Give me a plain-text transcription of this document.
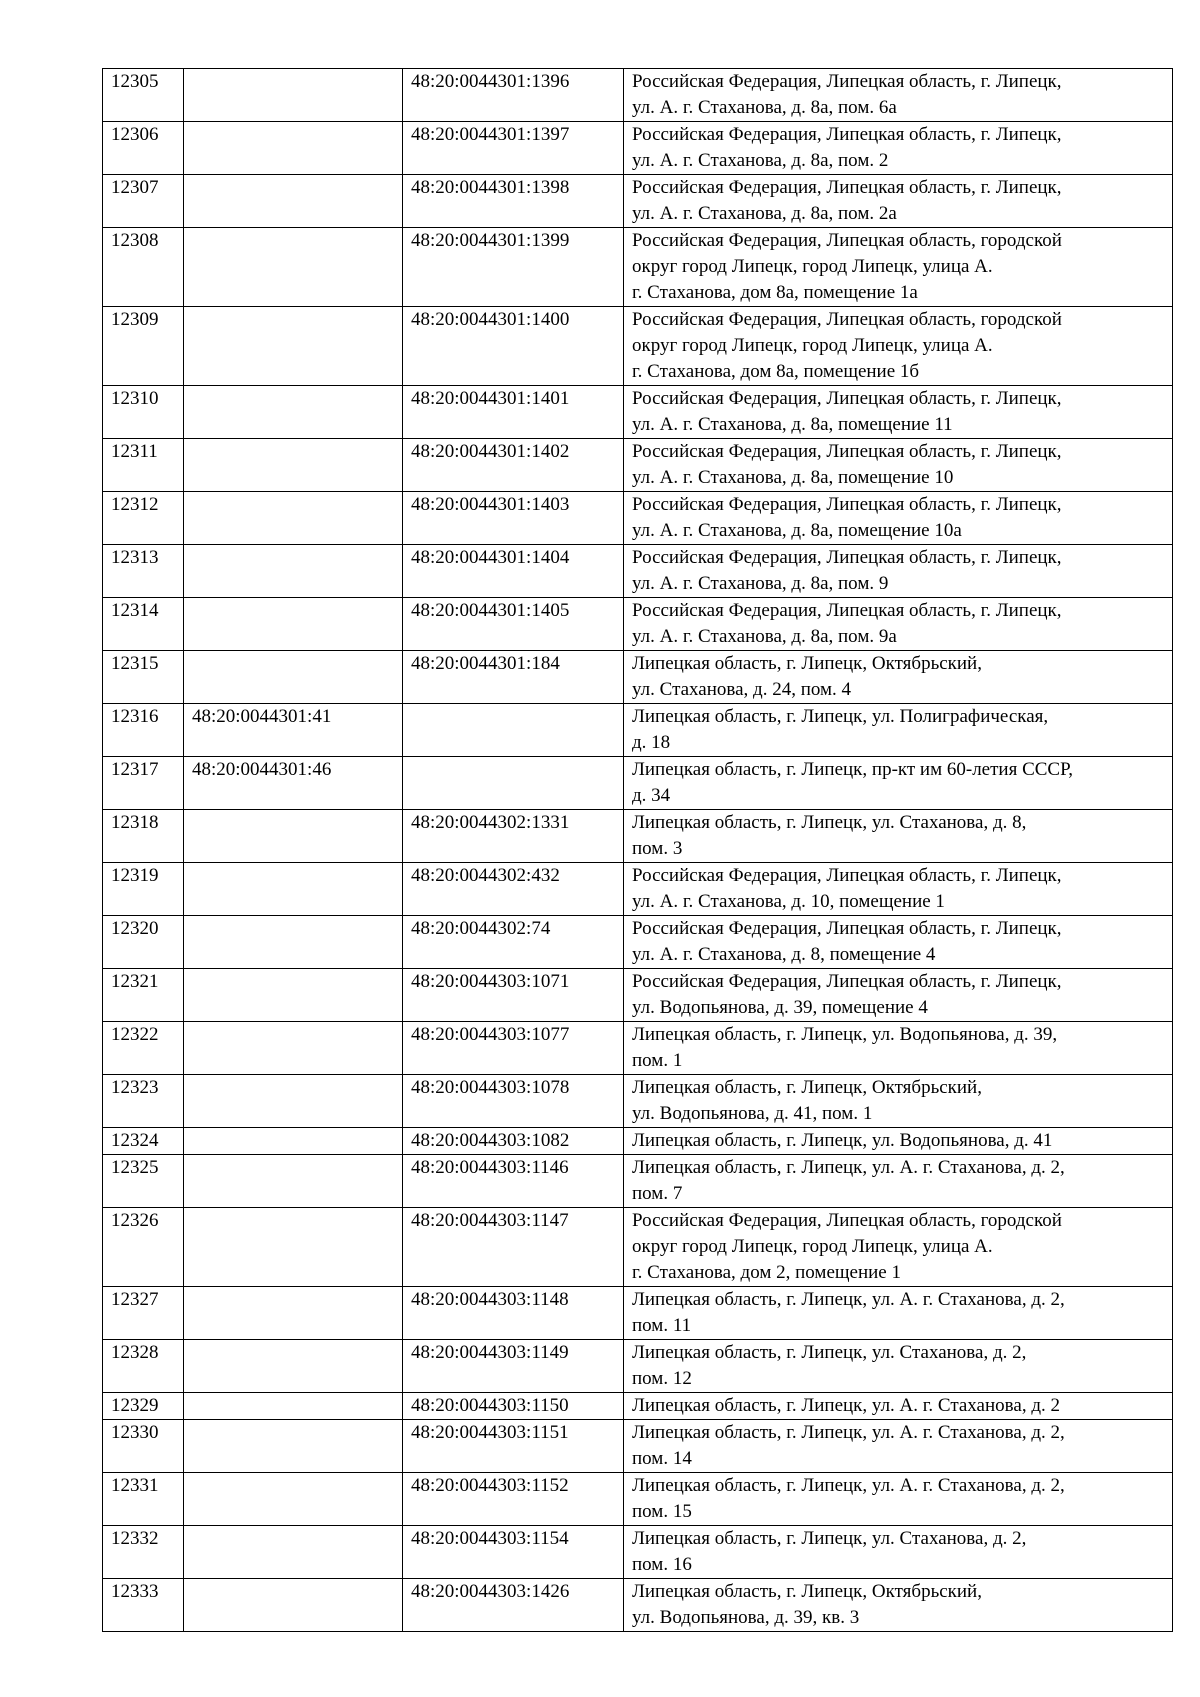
12305		48:20:0044301:1396	Российская Федерация, Липецкая область, г. Липецк,
ул. А. г. Стаханова, д. 8а, пом. 6а
12306		48:20:0044301:1397	Российская Федерация, Липецкая область, г. Липецк,
ул. А. г. Стаханова, д. 8а, пом. 2
12307		48:20:0044301:1398	Российская Федерация, Липецкая область, г. Липецк,
ул. А. г. Стаханова, д. 8а, пом. 2а
12308		48:20:0044301:1399	Российская Федерация, Липецкая область, городской
округ город Липецк, город Липецк, улица А.
г. Стаханова, дом 8а, помещение 1а
12309		48:20:0044301:1400	Российская Федерация, Липецкая область, городской
округ город Липецк, город Липецк, улица А.
г. Стаханова, дом 8а, помещение 1б
12310		48:20:0044301:1401	Российская Федерация, Липецкая область, г. Липецк,
ул. А. г. Стаханова, д. 8а, помещение 11
12311		48:20:0044301:1402	Российская Федерация, Липецкая область, г. Липецк,
ул. А. г. Стаханова, д. 8а, помещение 10
12312		48:20:0044301:1403	Российская Федерация, Липецкая область, г. Липецк,
ул. А. г. Стаханова, д. 8а, помещение 10а
12313		48:20:0044301:1404	Российская Федерация, Липецкая область, г. Липецк,
ул. А. г. Стаханова, д. 8а, пом. 9
12314		48:20:0044301:1405	Российская Федерация, Липецкая область, г. Липецк,
ул. А. г. Стаханова, д. 8а, пом. 9а
12315		48:20:0044301:184	Липецкая область, г. Липецк, Октябрьский,
ул. Стаханова, д. 24, пом. 4
12316	48:20:0044301:41		Липецкая область, г. Липецк, ул. Полиграфическая,
д. 18
12317	48:20:0044301:46		Липецкая область, г. Липецк, пр-кт им 60-летия СССР,
д. 34
12318		48:20:0044302:1331	Липецкая область, г. Липецк, ул. Стаханова, д. 8,
пом. 3
12319		48:20:0044302:432	Российская Федерация, Липецкая область, г. Липецк,
ул. А. г. Стаханова, д. 10, помещение 1
12320		48:20:0044302:74	Российская Федерация, Липецкая область, г. Липецк,
ул. А. г. Стаханова, д. 8, помещение 4
12321		48:20:0044303:1071	Российская Федерация, Липецкая область, г. Липецк,
ул. Водопьянова, д. 39, помещение 4
12322		48:20:0044303:1077	Липецкая область, г. Липецк, ул. Водопьянова, д. 39,
пом. 1
12323		48:20:0044303:1078	Липецкая область, г. Липецк, Октябрьский,
ул. Водопьянова, д. 41, пом. 1
12324		48:20:0044303:1082	Липецкая область, г. Липецк, ул. Водопьянова, д. 41
12325		48:20:0044303:1146	Липецкая область, г. Липецк, ул. А. г. Стаханова, д. 2,
пом. 7
12326		48:20:0044303:1147	Российская Федерация, Липецкая область, городской
округ город Липецк, город Липецк, улица А.
г. Стаханова, дом 2, помещение 1
12327		48:20:0044303:1148	Липецкая область, г. Липецк, ул. А. г. Стаханова, д. 2,
пом. 11
12328		48:20:0044303:1149	Липецкая область, г. Липецк, ул. Стаханова, д. 2,
пом. 12
12329		48:20:0044303:1150	Липецкая область, г. Липецк, ул. А. г. Стаханова, д. 2
12330		48:20:0044303:1151	Липецкая область, г. Липецк, ул. А. г. Стаханова, д. 2,
пом. 14
12331		48:20:0044303:1152	Липецкая область, г. Липецк, ул. А. г. Стаханова, д. 2,
пом. 15
12332		48:20:0044303:1154	Липецкая область, г. Липецк, ул. Стаханова, д. 2,
пом. 16
12333		48:20:0044303:1426	Липецкая область, г. Липецк, Октябрьский,
ул. Водопьянова, д. 39, кв. 3
